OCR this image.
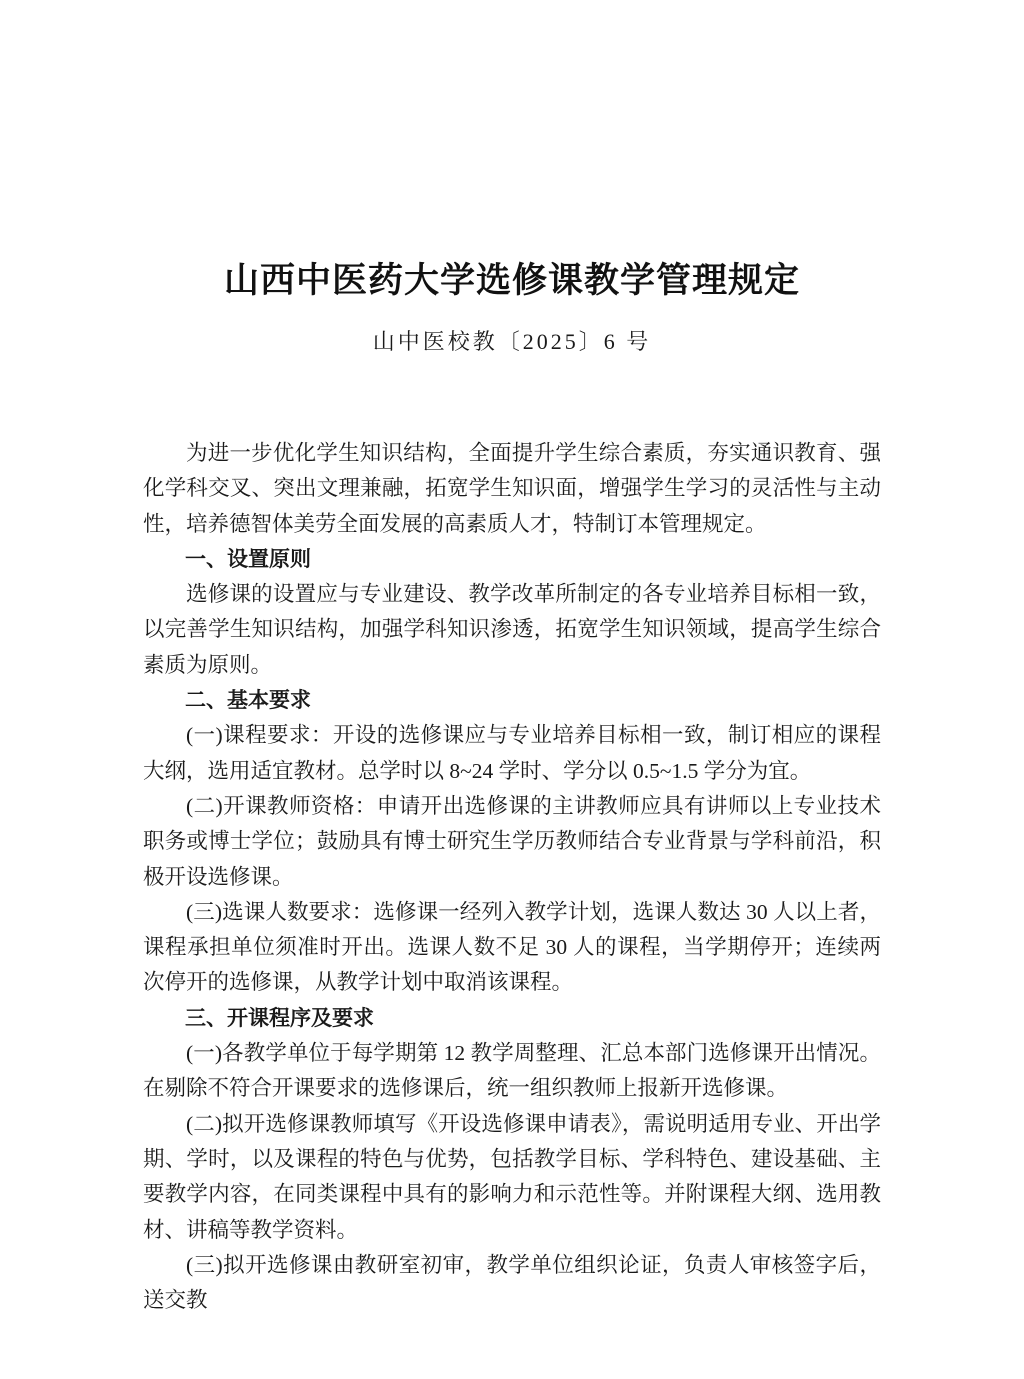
山西中医药大学选修课教学管理规定
山中医校教〔2025〕6 号

为进一步优化学生知识结构，全面提升学生综合素质，夯实通识教育、强化学科交叉、突出文理兼融，拓宽学生知识面，增强学生学习的灵活性与主动性，培养德智体美劳全面发展的高素质人才，特制订本管理规定。

一、设置原则

选修课的设置应与专业建设、教学改革所制定的各专业培养目标相一致，以完善学生知识结构，加强学科知识渗透，拓宽学生知识领域，提高学生综合素质为原则。

二、基本要求

(一)课程要求：开设的选修课应与专业培养目标相一致，制订相应的课程大纲，选用适宜教材。总学时以 8~24 学时、学分以 0.5~1.5 学分为宜。

(二)开课教师资格：申请开出选修课的主讲教师应具有讲师以上专业技术职务或博士学位；鼓励具有博士研究生学历教师结合专业背景与学科前沿，积极开设选修课。

(三)选课人数要求：选修课一经列入教学计划，选课人数达 30 人以上者，课程承担单位须准时开出。选课人数不足 30 人的课程，当学期停开；连续两次停开的选修课，从教学计划中取消该课程。

三、开课程序及要求

(一)各教学单位于每学期第 12 教学周整理、汇总本部门选修课开出情况。在剔除不符合开课要求的选修课后，统一组织教师上报新开选修课。

(二)拟开选修课教师填写《开设选修课申请表》，需说明适用专业、开出学期、学时，以及课程的特色与优势，包括教学目标、学科特色、建设基础、主要教学内容，在同类课程中具有的影响力和示范性等。并附课程大纲、选用教材、讲稿等教学资料。

(三)拟开选修课由教研室初审，教学单位组织论证，负责人审核签字后，送交教
